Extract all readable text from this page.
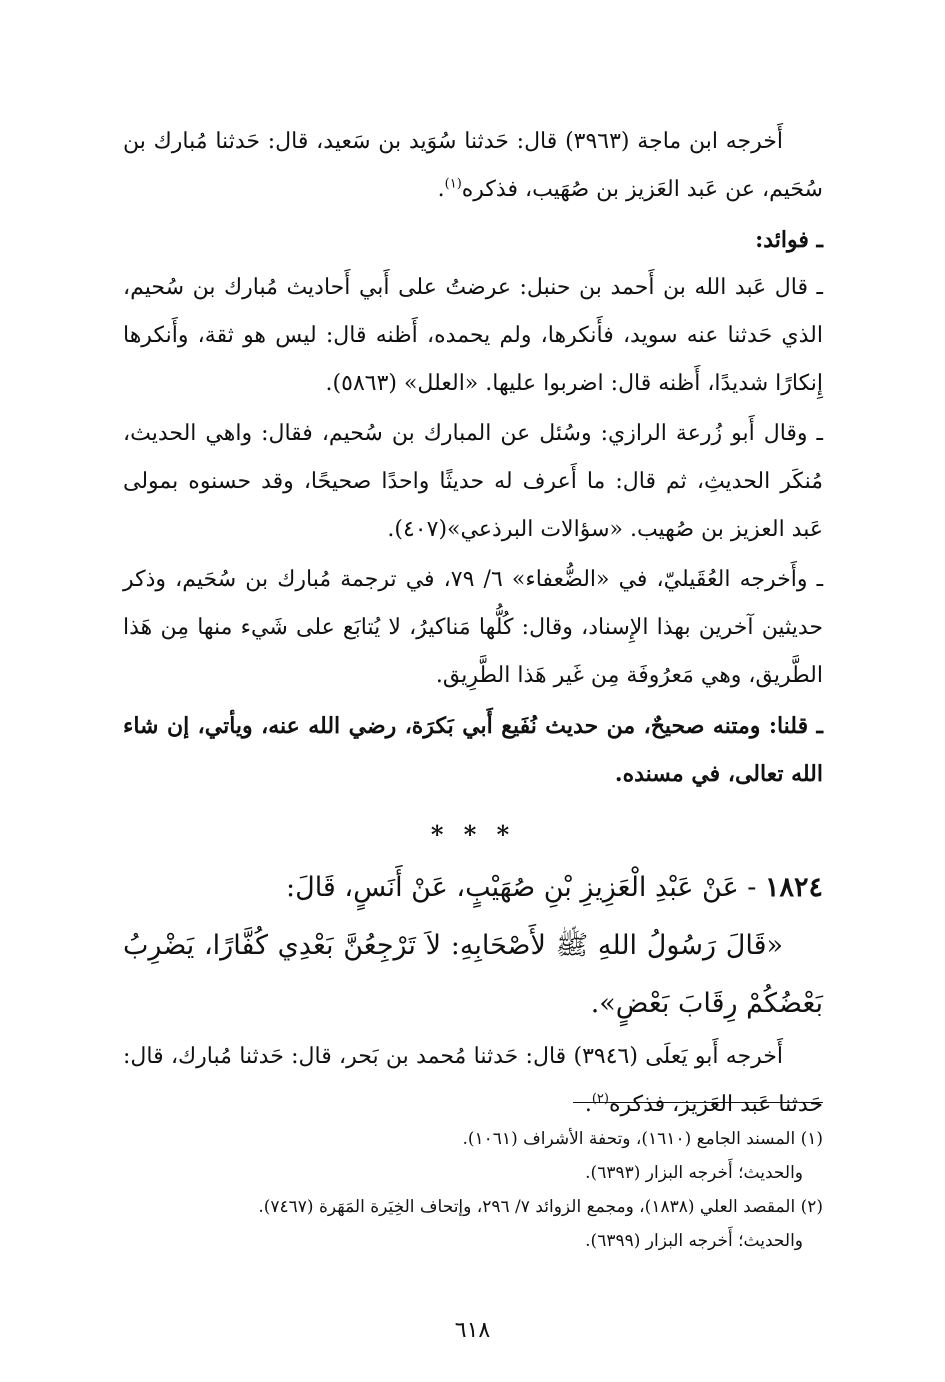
أَخرجه ابن ماجة (٣٩٦٣) قال: حَدثنا سُوَيد بن سَعيد، قال: حَدثنا مُبارك بن سُحَيم، عن عَبد العَزيز بن صُهَيب، فذكره$^{(١)}$.

ـ فوائد:

ـ قال عَبد الله بن أَحمد بن حنبل: عرضتُ على أَبي أَحاديث مُبارك بن سُحيم، الذي حَدثنا عنه سويد، فأَنكرها، ولم يحمده، أَظنه قال: ليس هو ثقة، وأَنكرها إِنكارًا شديدًا، أَظنه قال: اضربوا عليها. «العلل» (٥٨٦٣).

ـ وقال أَبو زُرعة الرازي: وسُئل عن المبارك بن سُحيم، فقال: واهي الحديث، مُنكَر الحديثِ، ثم قال: ما أَعرف له حديثًا واحدًا صحيحًا، وقد حسنوه بمولى عَبد العزيز بن صُهيب. «سؤالات البرذعي»(٤٠٧).

ـ وأَخرجه العُقَيليّ، في «الضُّعفاء» ٦/ ٧٩، في ترجمة مُبارك بن سُحَيم، وذكر حديثين آخرين بهذا الإِسناد، وقال: كُلُّها مَناكيرُ، لا يُتابَع على شَيء منها مِن هَذا الطَّريق، وهي مَعرُوفَة مِن غَير هَذا الطَّرِيق.

ـ قلنا: ومتنه صحيحٌ، من حديث نُفَيع أَبي بَكرَة، رضي الله عنه، ويأتي، إن شاء الله تعالى، في مسنده.

* * *

١٨٢٤ - عَنْ عَبْدِ الْعَزِيزِ بْنِ صُهَيْبٍ، عَنْ أَنَسٍ، قَالَ:

«قَالَ رَسُولُ اللهِ ﷺ لأَصْحَابِهِ: لاَ تَرْجِعُنَّ بَعْدِي كُفَّارًا، يَضْرِبُ بَعْضُكُمْ رِقَابَ بَعْضٍ».

أَخرجه أَبو يَعلَى (٣٩٤٦) قال: حَدثنا مُحمد بن بَحر، قال: حَدثنا مُبارك، قال: حَدثنا عَبد العَزيز، فذكره$^{(٢)}$.

(١) المسند الجامع (١٦١٠)، وتحفة الأشراف (١٠٦١).

والحديث؛ أَخرجه البزار (٦٣٩٣).

(٢) المقصد العلي (١٨٣٨)، ومجمع الزوائد ٧/ ٢٩٦، وإتحاف الخِيَرة المَهَرة (٧٤٦٧).

والحديث؛ أَخرجه البزار (٦٣٩٩).

٦١٨
